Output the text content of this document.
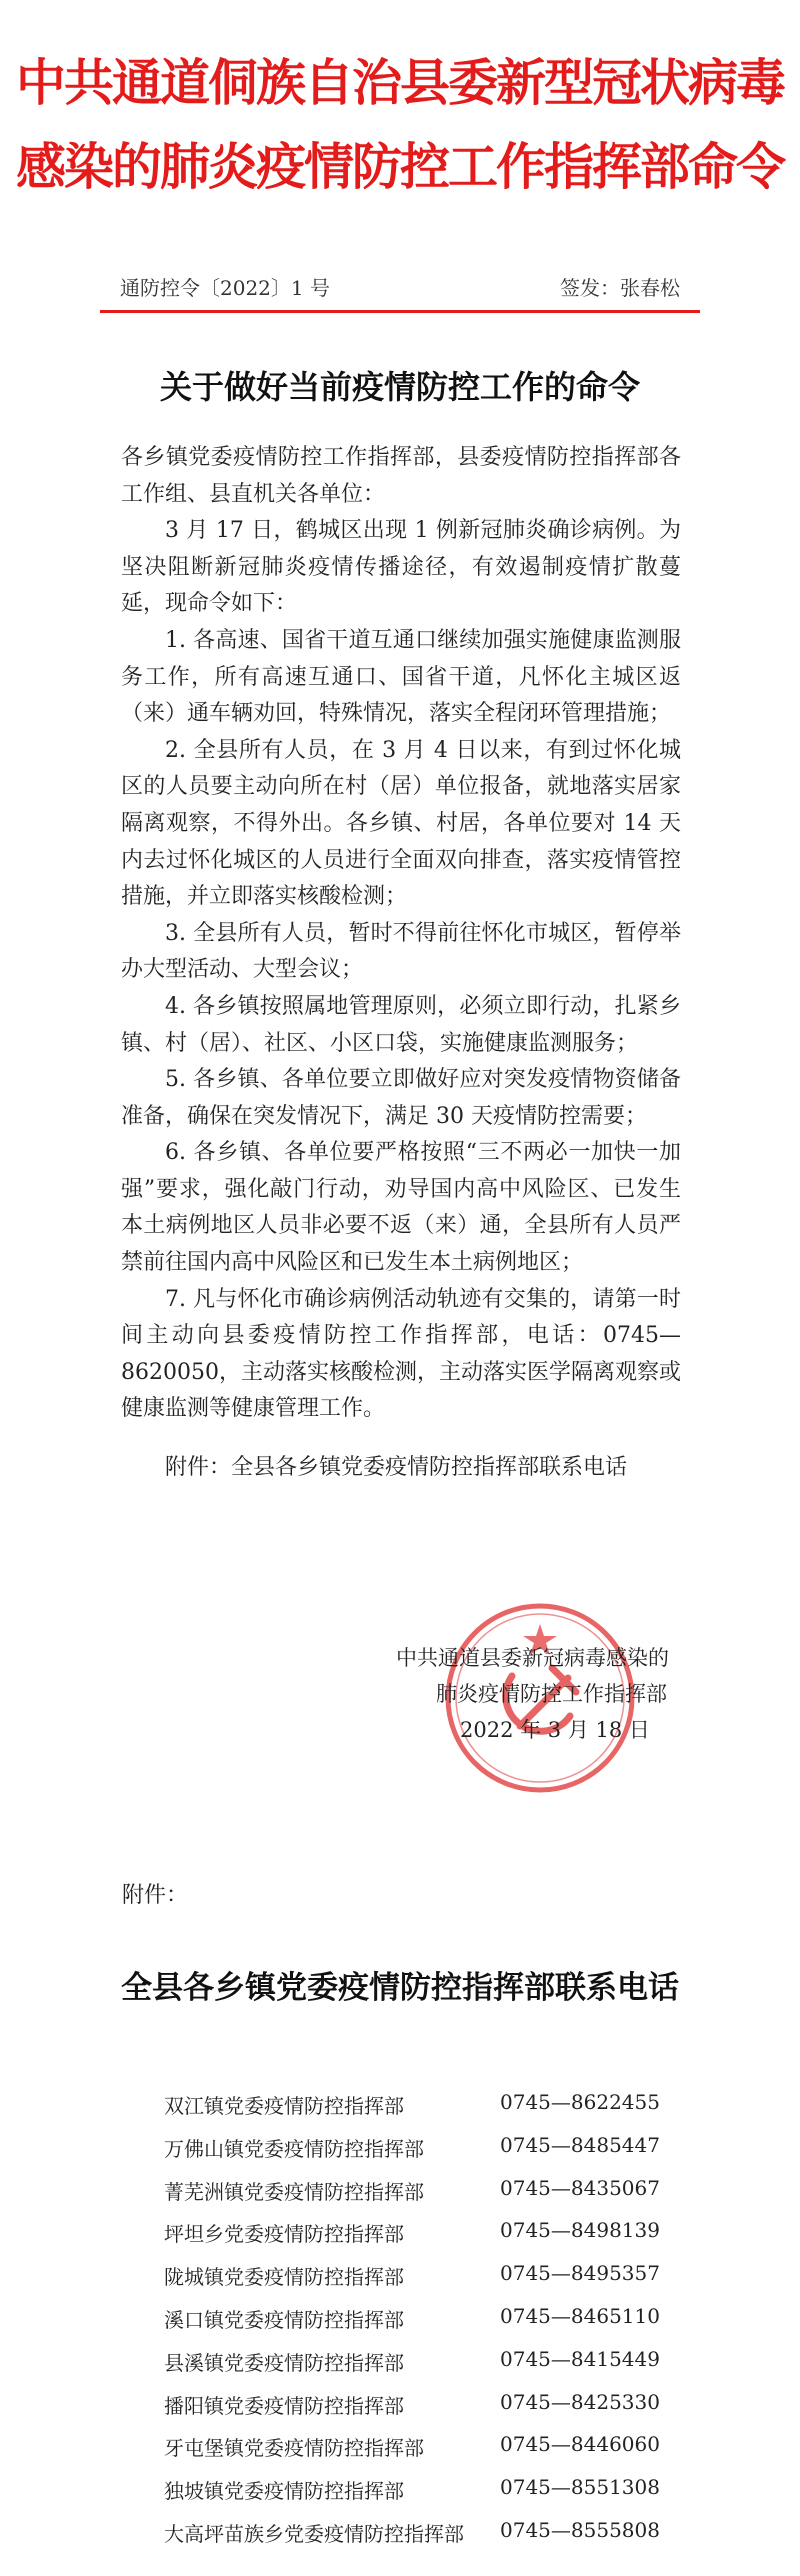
中共通道侗族自治县委新型冠状病毒
感染的肺炎疫情防控工作指挥部命令
通防控令〔2022〕1 号	签发：张春松
关于做好当前疫情防控工作的命令

各乡镇党委疫情防控工作指挥部，县委疫情防控指挥部各工作组、县直机关各单位：

3 月 17 日，鹤城区出现 1 例新冠肺炎确诊病例。为坚决阻断新冠肺炎疫情传播途径，有效遏制疫情扩散蔓延，现命令如下：

1. 各高速、国省干道互通口继续加强实施健康监测服务工作，所有高速互通口、国省干道，凡怀化主城区返（来）通车辆劝回，特殊情况，落实全程闭环管理措施；

2. 全县所有人员，在 3 月 4 日以来，有到过怀化城区的人员要主动向所在村（居）单位报备，就地落实居家隔离观察，不得外出。各乡镇、村居，各单位要对 14 天内去过怀化城区的人员进行全面双向排查，落实疫情管控措施，并立即落实核酸检测；

3. 全县所有人员，暂时不得前往怀化市城区，暂停举办大型活动、大型会议；

4. 各乡镇按照属地管理原则，必须立即行动，扎紧乡镇、村（居）、社区、小区口袋，实施健康监测服务；

5. 各乡镇、各单位要立即做好应对突发疫情物资储备准备，确保在突发情况下，满足 30 天疫情防控需要；

6. 各乡镇、各单位要严格按照“三不两必一加快一加强”要求，强化敲门行动，劝导国内高中风险区、已发生本土病例地区人员非必要不返（来）通，全县所有人员严禁前往国内高中风险区和已发生本土病例地区；

7. 凡与怀化市确诊病例活动轨迹有交集的，请第一时间主动向县委疫情防控工作指挥部，电话：0745—8620050，主动落实核酸检测，主动落实医学隔离观察或健康监测等健康管理工作。

附件：全县各乡镇党委疫情防控指挥部联系电话

中共通道县委新冠病毒感染的
肺炎疫情防控工作指挥部
2022 年 3 月 18 日
附件：
全县各乡镇党委疫情防控指挥部联系电话
双江镇党委疫情防控指挥部	0745—8622455
万佛山镇党委疫情防控指挥部	0745—8485447
菁芜洲镇党委疫情防控指挥部	0745—8435067
坪坦乡党委疫情防控指挥部	0745—8498139
陇城镇党委疫情防控指挥部	0745—8495357
溪口镇党委疫情防控指挥部	0745—8465110
县溪镇党委疫情防控指挥部	0745—8415449
播阳镇党委疫情防控指挥部	0745—8425330
牙屯堡镇党委疫情防控指挥部	0745—8446060
独坡镇党委疫情防控指挥部	0745—8551308
大高坪苗族乡党委疫情防控指挥部 0745—8555808
